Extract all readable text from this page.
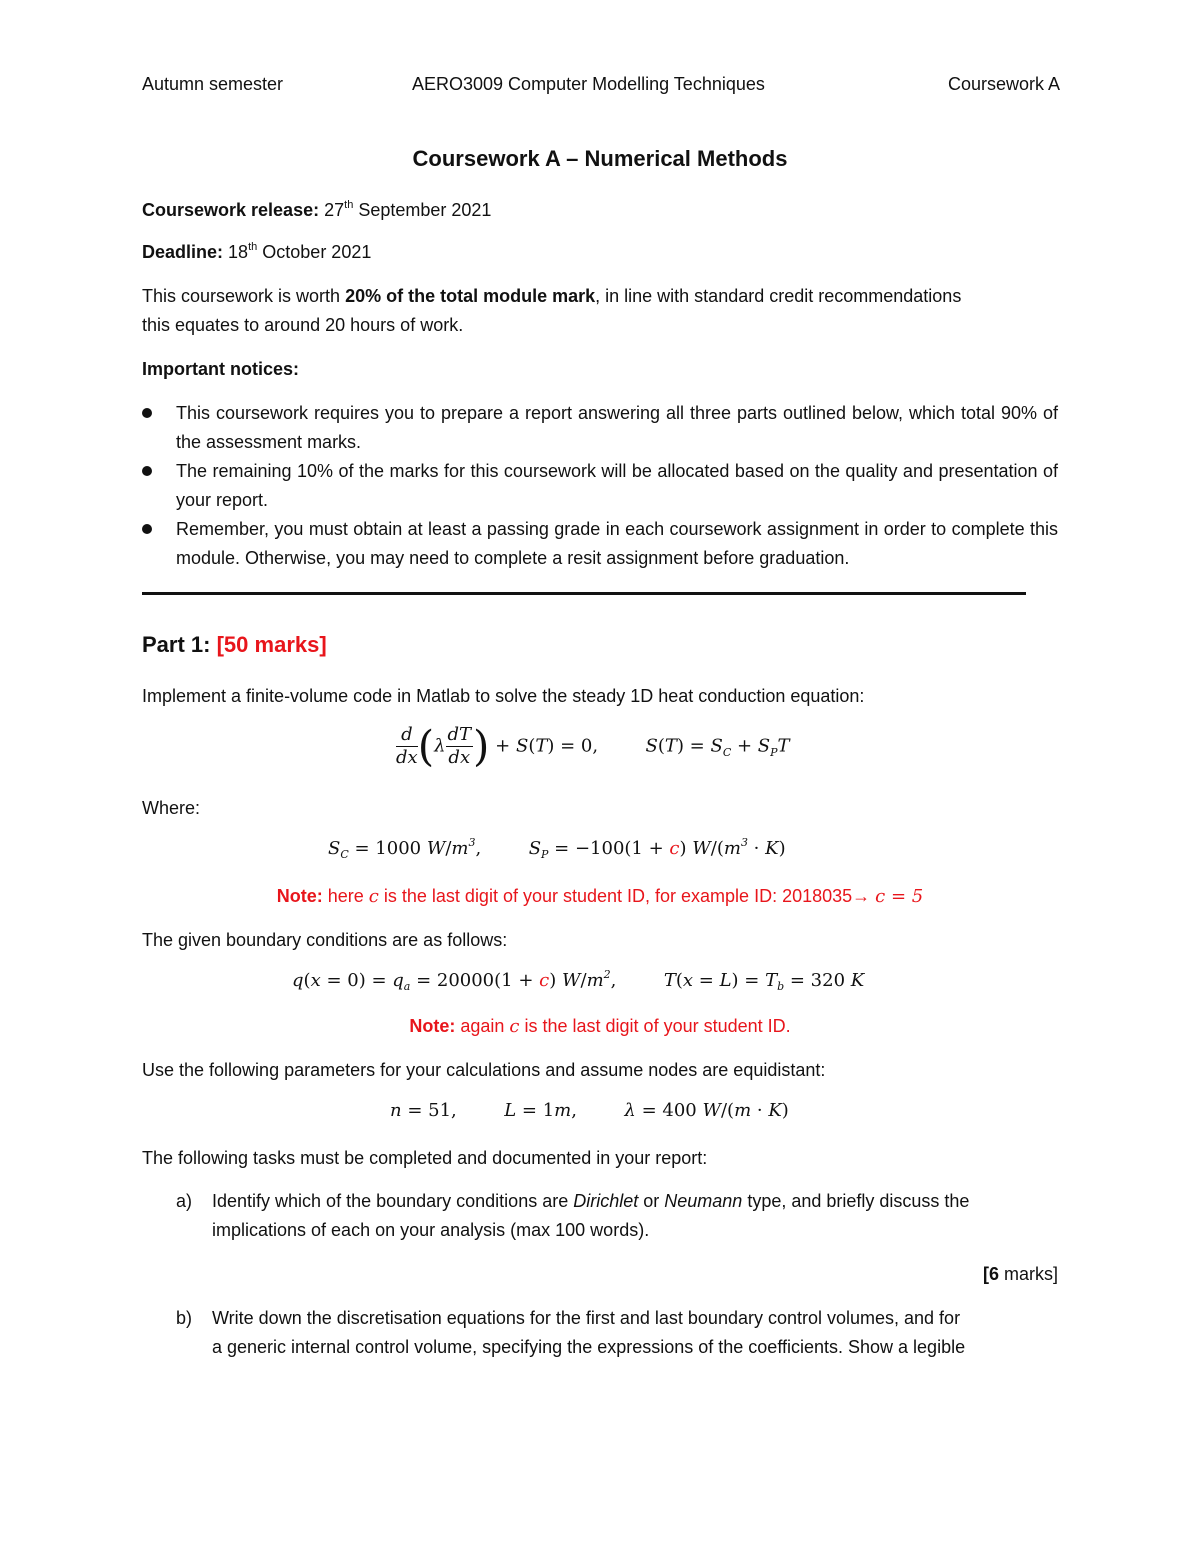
Autumn semester	AERO3009 Computer Modelling Techniques	Coursework A
Coursework A – Numerical Methods
Coursework release: 27th September 2021
Deadline: 18th October 2021
This coursework is worth 20% of the total module mark, in line with standard credit recommendations
this equates to around 20 hours of work.
Important notices:
This coursework requires you to prepare a report answering all three parts outlined below, which total 90% of the assessment marks.
The remaining 10% of the marks for this coursework will be allocated based on the quality and presentation of your report.
Remember, you must obtain at least a passing grade in each coursework assignment in order to complete this module. Otherwise, you may need to complete a resit assignment before graduation.
Part 1: [50 marks]
Implement a finite-volume code in Matlab to solve the steady 1D heat conduction equation:
$\frac{d}{dx} (\lambda \frac{dT}{dx}$ ) + S(T) = 0,  $S(T) = S_C + S_PT$
Where:
$S_C = 1000$ $W/m^3$,  $S_P = -100(1 + c) W/(m^3 \cdot K)$
Note: here c is the last digit of your student ID, for example ID: 2018035→ c = 5
The given boundary conditions are as follows:
$q(x = 0) = q_a = 20000(1 + c)$ $W/m^2$,  $T(x = L) = T_b = 320$ K
Note: again c is the last digit of your student ID.
Use the following parameters for your calculations and assume nodes are equidistant:
n = 51,  L = 1m,  λ = 400 W/(m · K)
The following tasks must be completed and documented in your report:
a) Identify which of the boundary conditions are Dirichlet or Neumann type, and briefly discuss the
implications of each on your analysis (max 100 words).
[6 marks]
b) Write down the discretisation equations for the first and last boundary control volumes, and for
a generic internal control volume, specifying the expressions of the coefficients. Show a legible
